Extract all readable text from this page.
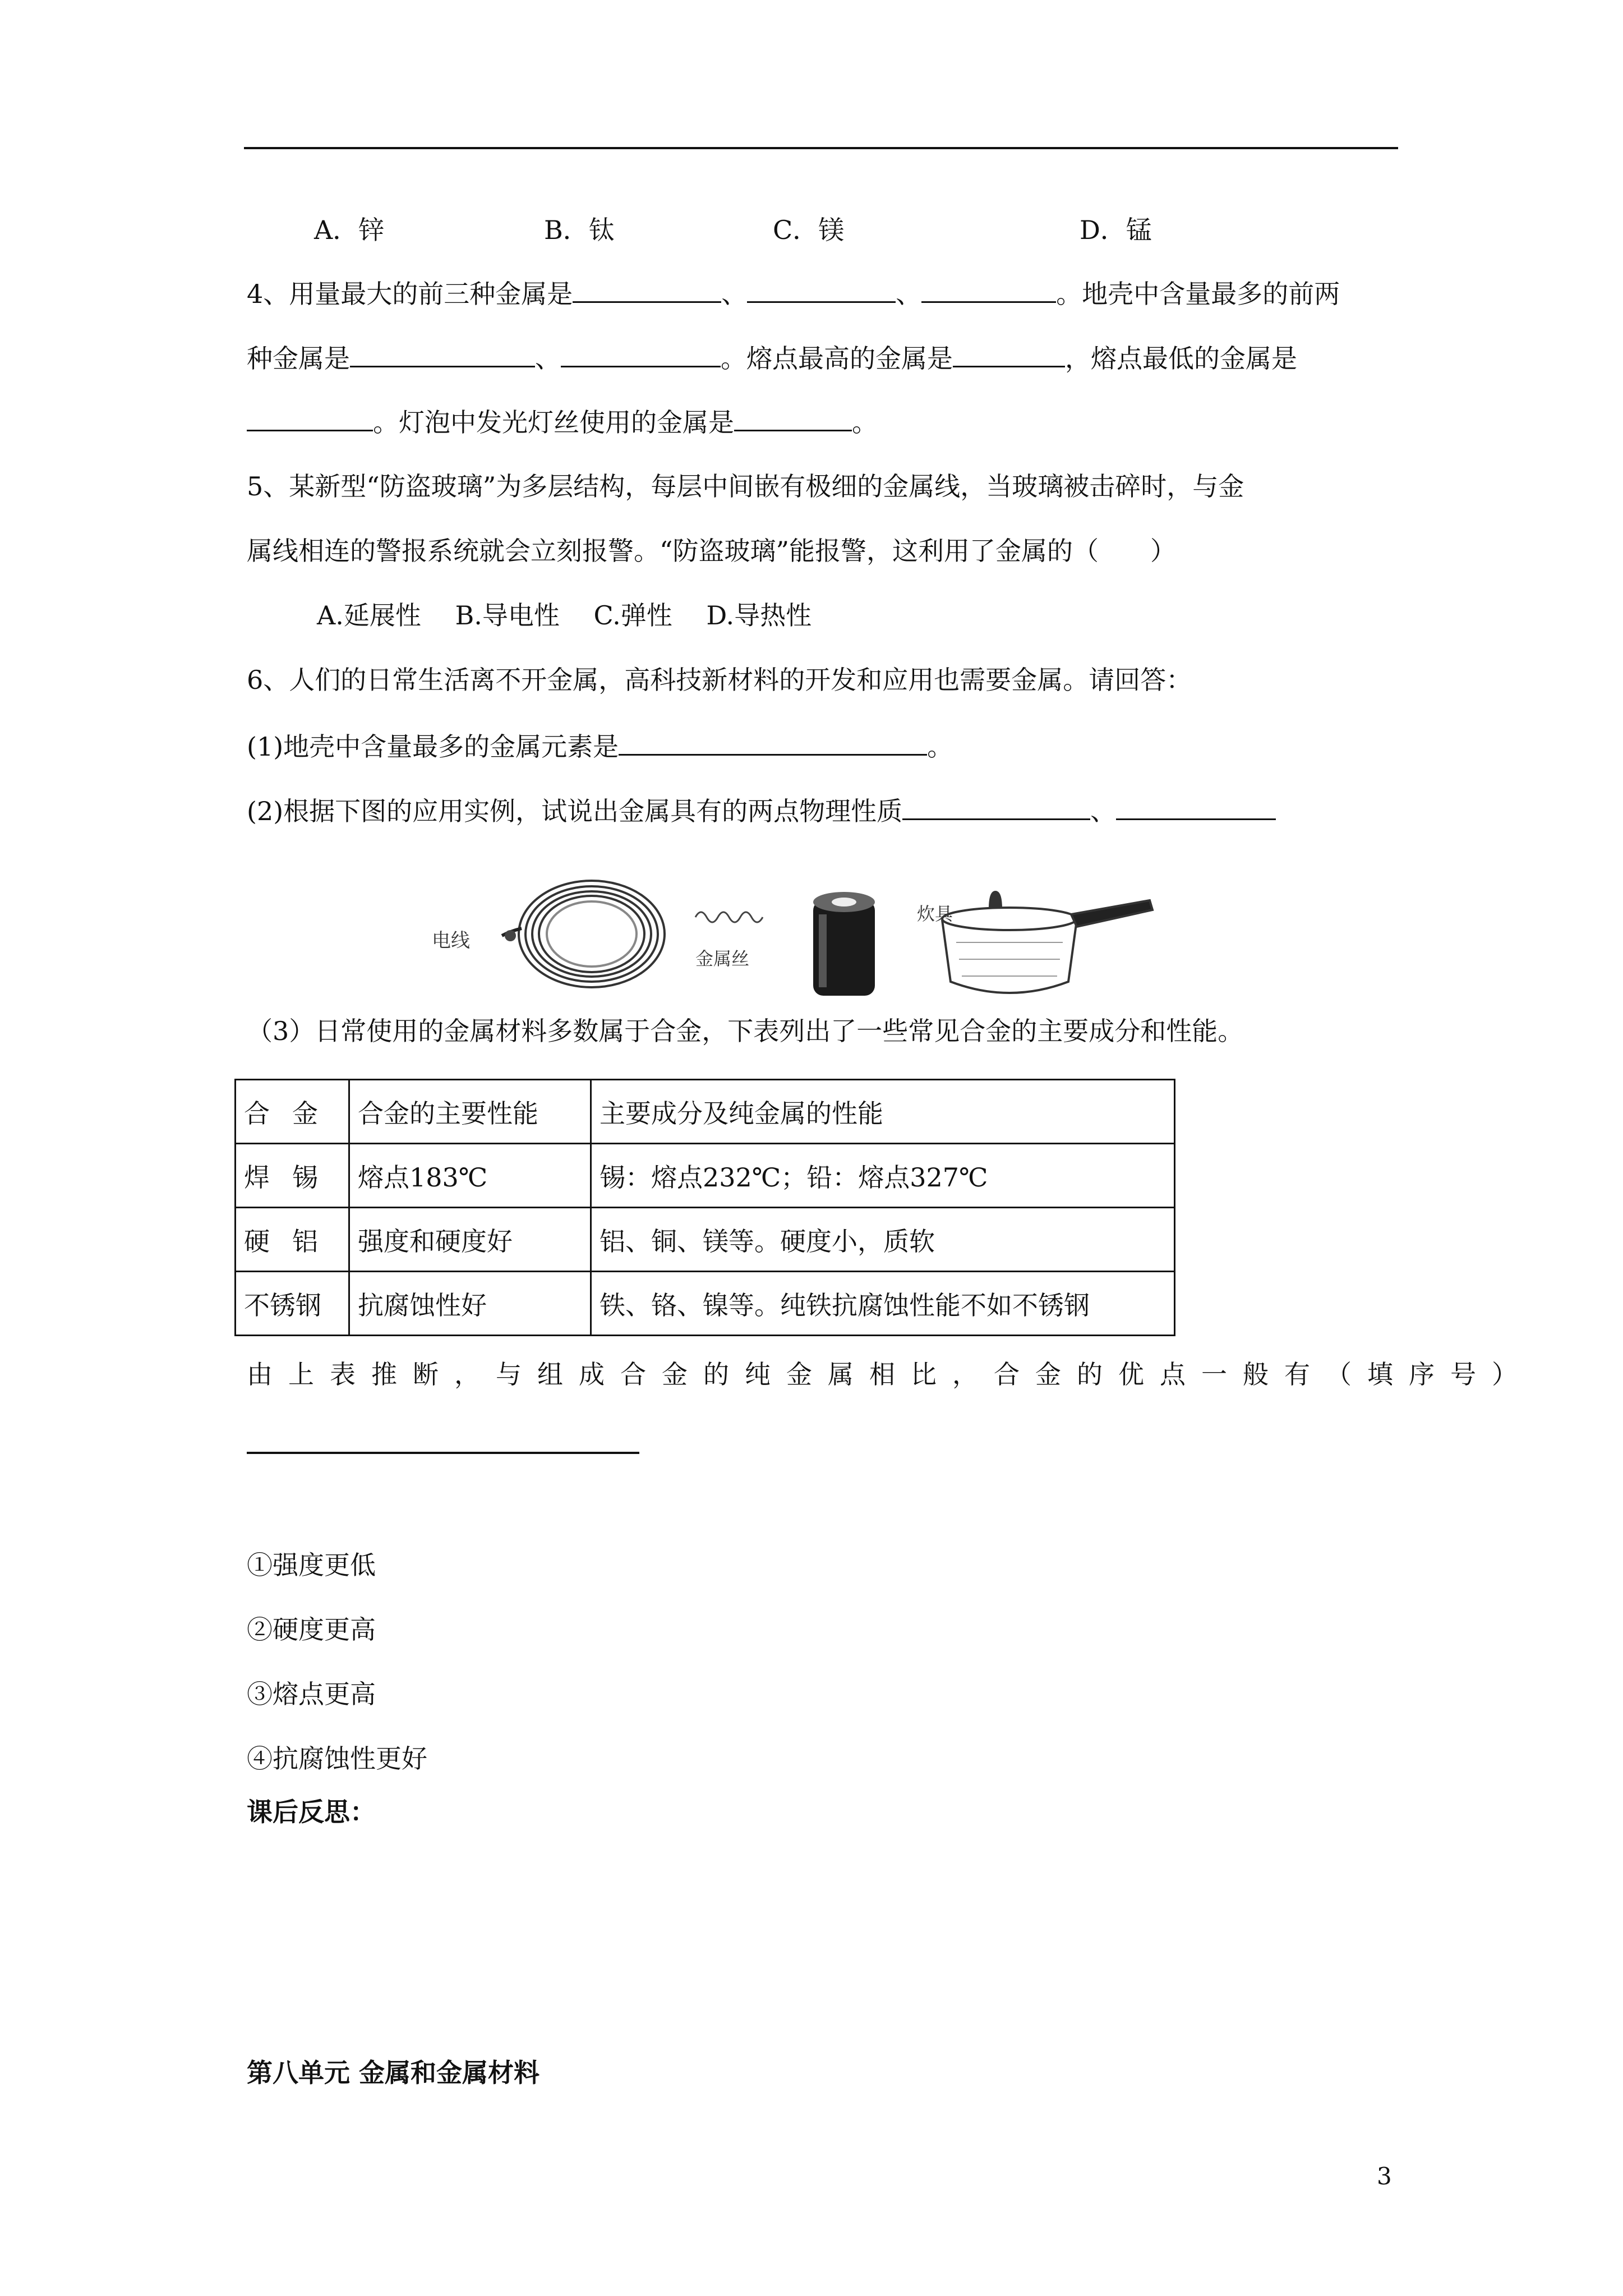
A．锌	B．钛	C．镁	D．锰
4、用量最大的前三种金属是	、	、	。地壳中含量最多的前两
种金属是	、	。熔点最高的金属是	，熔点最低的金属是
。灯泡中发光灯丝使用的金属是	。
5、某新型“防盗玻璃”为多层结构，每层中间嵌有极细的金属线，当玻璃被击碎时，与金
属线相连的警报系统就会立刻报警。“防盗玻璃”能报警，这利用了金属的（　　）
A.延展性　 B.导电性　 C.弹性　 D.导热性
6、人们的日常生活离不开金属，高科技新材料的开发和应用也需要金属。请回答：
(1)地壳中含量最多的金属元素是	。
(2)根据下图的应用实例，试说出金属具有的两点物理性质	、
电线
金属丝
炊具
（3）日常使用的金属材料多数属于合金，下表列出了一些常见合金的主要成分和性能。
合金	合金的主要性能	主要成分及纯金属的性能
焊锡	熔点183℃	锡：熔点232℃；铅：熔点327℃
硬铝	强度和硬度好	铝、铜、镁等。硬度小，质软
不锈钢	抗腐蚀性好	铁、铬、镍等。纯铁抗腐蚀性能不如不锈钢
由上表推断，与组成合金的纯金属相比，合金的优点一般有（填序号）
①强度更低
②硬度更高
③熔点更高
④抗腐蚀性更好
课后反思：
第八单元 金属和金属材料
3
